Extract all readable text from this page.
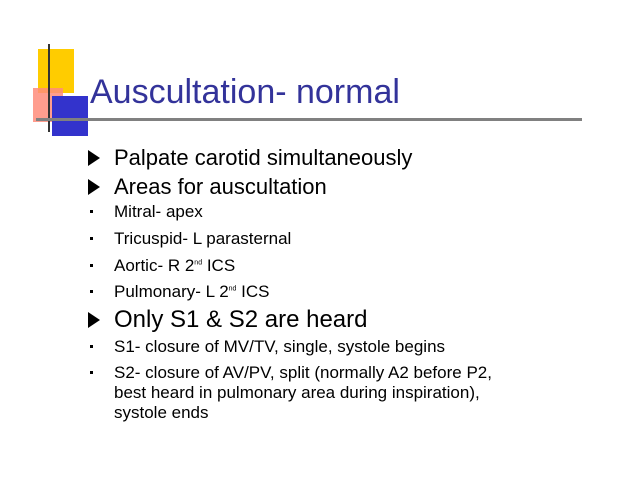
Auscultation- normal
Palpate carotid simultaneously
Areas for auscultation
Mitral- apex
Tricuspid- L parasternal
Aortic- R 2nd ICS
Pulmonary- L 2nd ICS
Only S1 & S2 are heard
S1- closure of MV/TV, single, systole begins
S2- closure of AV/PV, split (normally A2 before P2,
best heard in pulmonary area during inspiration),
systole ends
